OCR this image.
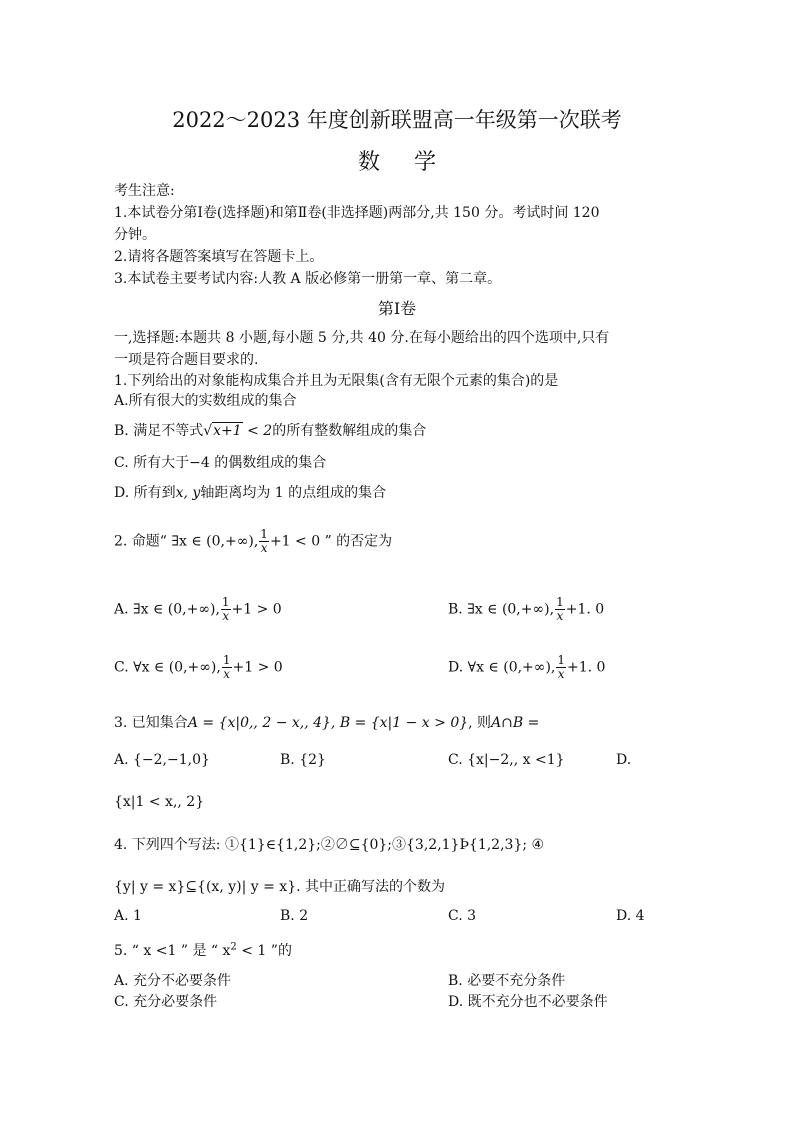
2022～2023 年度创新联盟高一年级第一次联考
数学
考生注意:
1.本试卷分第Ⅰ卷(选择题)和第Ⅱ卷(非选择题)两部分,共 150 分。考试时间 120
分钟。
2.请将各题答案填写在答题卡上。
3.本试卷主要考试内容:人教 A 版必修第一册第一章、第二章。
第Ⅰ卷
一,选择题:本题共 8 小题,每小题 5 分,共 40 分.在每小题给出的四个选项中,只有
一项是符合题目要求的.
1.下列给出的对象能构成集合并且为无限集(含有无限个元素的集合)的是
A.所有很大的实数组成的集合
B. 满足不等式√x+1 < 2的所有整数解组成的集合
C. 所有大于−4 的偶数组成的集合
D. 所有到x, y轴距离均为 1 的点组成的集合
2. 命题“ ∃x ∈ (0,+∞), $\frac{1}{x} +1 < 0$ ” 的否定为
A. ∃x ∈ (0,+∞), $\frac{1}{x} +1 > 0$	B. ∃x ∈ (0,+∞), $\frac{1}{x} +1$. 0
C. ∀x ∈ (0,+∞), $\frac{1}{x} +1 > 0$	D. ∀x ∈ (0,+∞), $\frac{1}{x} +1$. 0
3. 已知集合A = {x|0,, 2 − x,, 4}, B = {x|1 − x > 0}, 则A∩B =
A. {−2,−1,0}	B. {2}	C. {x|−2,, x <1}	D.
{x|1 < x,, 2}
4. 下列四个写法: ①{1}∈{1,2};②∅⊆{0};③{3,2,1}Þ{1,2,3}; ④
{y| y = x}⊆{(x, y)| y = x}. 其中正确写法的个数为
A. 1	B. 2	C. 3	D. 4
5. “ x <1 ” 是 “ $x^2 < 1$ ”的
A. 充分不必要条件	B. 必要不充分条件
C. 充分必要条件	D. 既不充分也不必要条件
